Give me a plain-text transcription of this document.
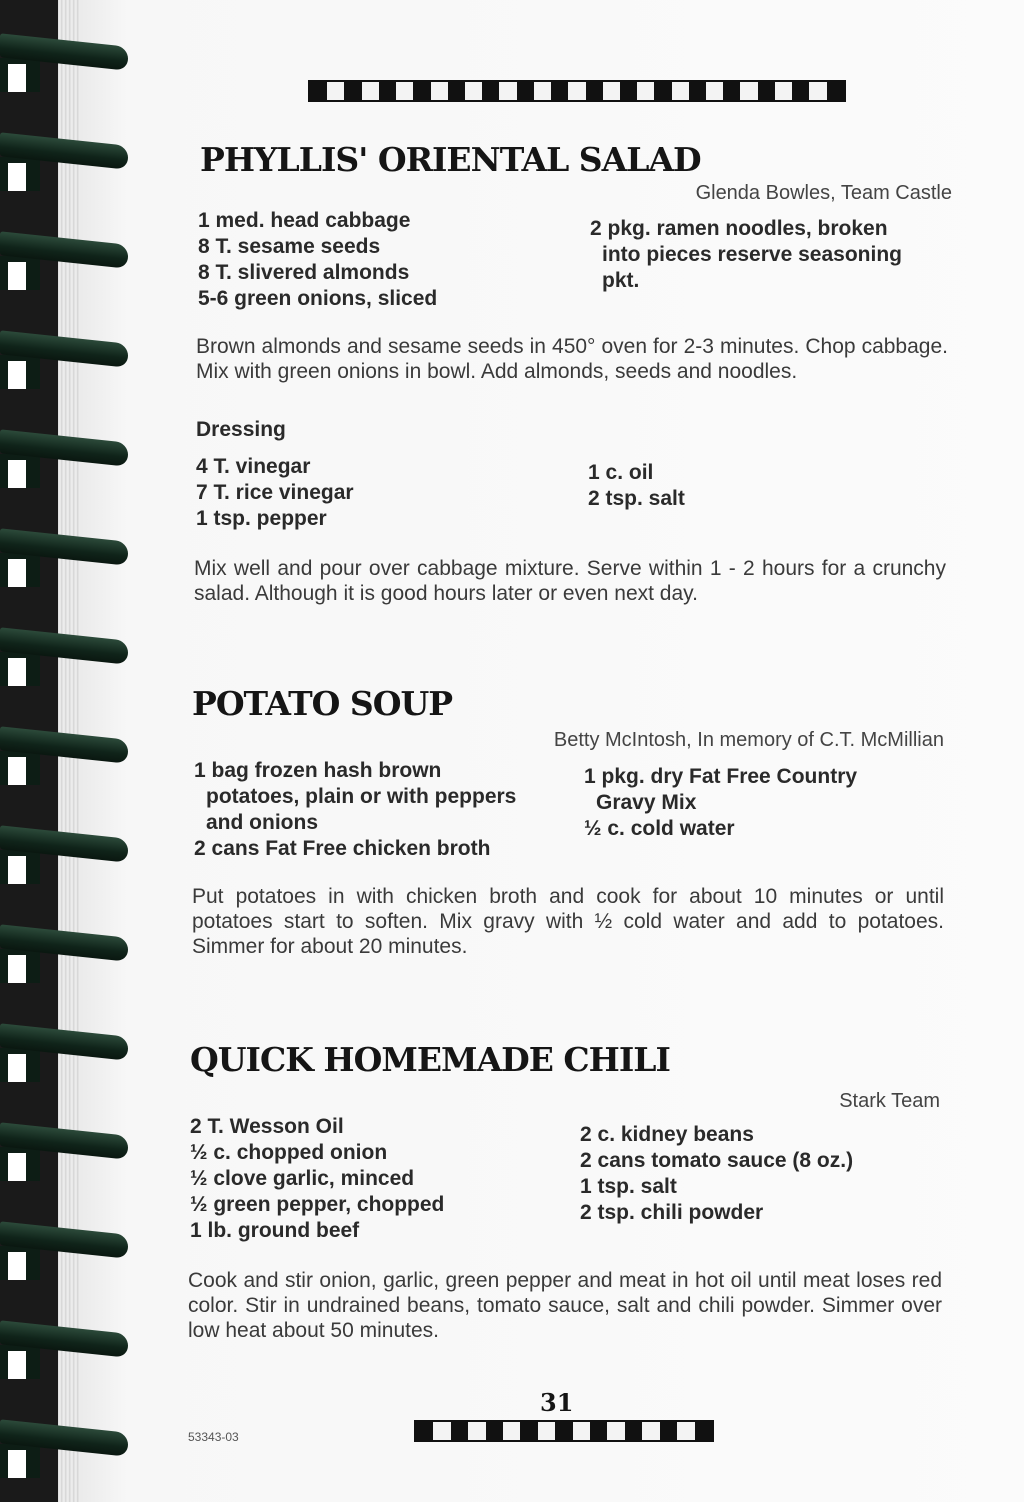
PHYLLIS' ORIENTAL SALAD
Glenda Bowles, Team Castle
1 med. head cabbage
8 T. sesame seeds
8 T. slivered almonds
5-6 green onions, sliced
2 pkg. ramen noodles, broken
into pieces reserve seasoning
pkt.
Brown almonds and sesame seeds in 450° oven for 2-3 minutes. Chop cabbage. Mix with green onions in bowl. Add almonds, seeds and noodles.
Dressing
4 T. vinegar
7 T. rice vinegar
1 tsp. pepper
1 c. oil
2 tsp. salt
Mix well and pour over cabbage mixture. Serve within 1 - 2 hours for a crunchy salad. Although it is good hours later or even next day.
POTATO SOUP
Betty McIntosh, In memory of C.T. McMillian
1 bag frozen hash brown
potatoes, plain or with peppers
and onions
2 cans Fat Free chicken broth
1 pkg. dry Fat Free Country
Gravy Mix
½ c. cold water
Put potatoes in with chicken broth and cook for about 10 minutes or until potatoes start to soften. Mix gravy with ½ cold water and add to potatoes. Simmer for about 20 minutes.
QUICK HOMEMADE CHILI
Stark Team
2 T. Wesson Oil
½ c. chopped onion
½ clove garlic, minced
½ green pepper, chopped
1 lb. ground beef
2 c. kidney beans
2 cans tomato sauce (8 oz.)
1 tsp. salt
2 tsp. chili powder
Cook and stir onion, garlic, green pepper and meat in hot oil until meat loses red color. Stir in undrained beans, tomato sauce, salt and chili powder. Simmer over low heat about 50 minutes.
31
53343-03
